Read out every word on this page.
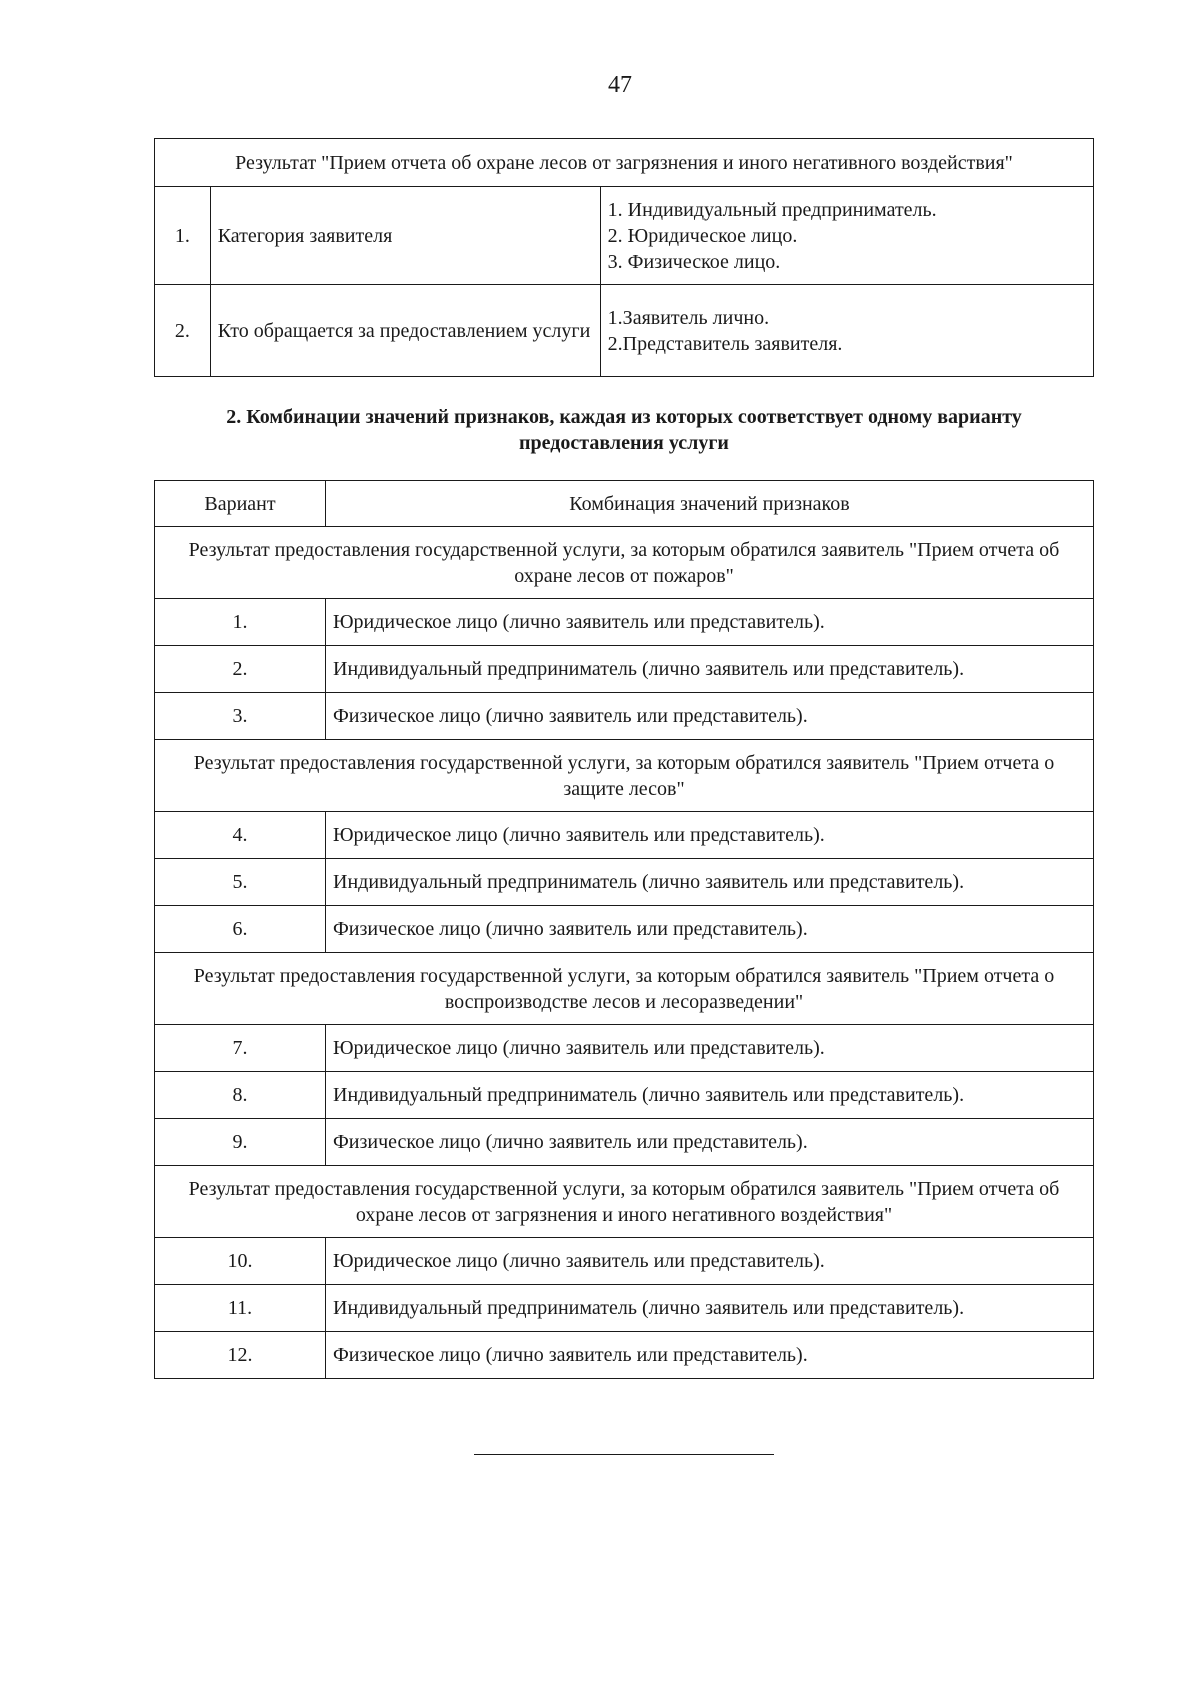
47
Результат "Прием отчета об охране лесов от загрязнения и иного негативного воздействия"		
1.	Категория заявителя	1. Индивидуальный предприниматель.
2. Юридическое лицо.
3. Физическое лицо.

2.	Кто обращается за предоставлением услуги	1.Заявитель лично.
2.Представитель заявителя.
2. Комбинации значений признаков, каждая из которых соответствует одному варианту
предоставления услуги
Вариант	Комбинация значений признаков
Результат предоставления государственной услуги, за которым обратился заявитель "Прием отчета об охране лесов от пожаров"	
1.	Юридическое лицо (лично заявитель или представитель).
2.	Индивидуальный предприниматель (лично заявитель или представитель).
3.	Физическое лицо (лично заявитель или представитель).
Результат предоставления государственной услуги, за которым обратился заявитель "Прием отчета о защите лесов"	
4.	Юридическое лицо (лично заявитель или представитель).
5.	Индивидуальный предприниматель (лично заявитель или представитель).
6.	Физическое лицо (лично заявитель или представитель).
Результат предоставления государственной услуги, за которым обратился заявитель "Прием отчета о воспроизводстве лесов и лесоразведении"	
7.	Юридическое лицо (лично заявитель или представитель).
8.	Индивидуальный предприниматель (лично заявитель или представитель).
9.	Физическое лицо (лично заявитель или представитель).
Результат предоставления государственной услуги, за которым обратился заявитель "Прием отчета об охране лесов от загрязнения и иного негативного воздействия"	
10.	Юридическое лицо (лично заявитель или представитель).
11.	Индивидуальный предприниматель (лично заявитель или представитель).
12.	Физическое лицо (лично заявитель или представитель).
